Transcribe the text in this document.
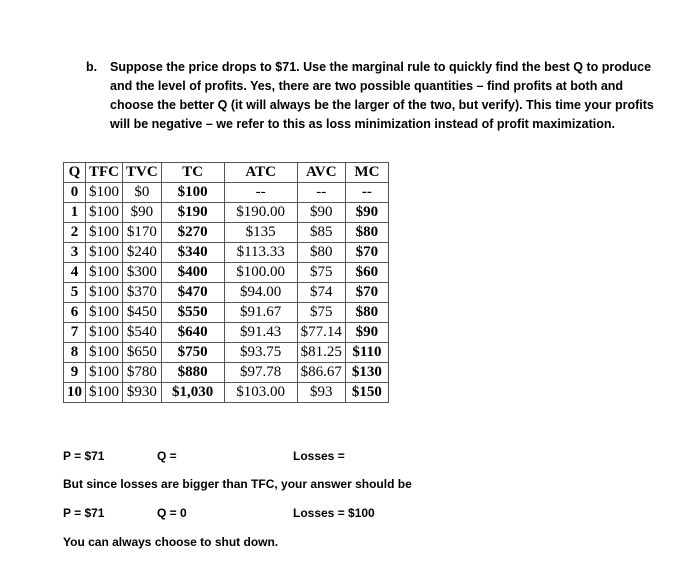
b. Suppose the price drops to $71. Use the marginal rule to quickly find the best Q to produce and the level of profits. Yes, there are two possible quantities – find profits at both and choose the better Q (it will always be the larger of the two, but verify). This time your profits will be negative – we refer to this as loss minimization instead of profit maximization.
Q	TFC	TVC	TC	ATC	AVC	MC
0	$100	$0	$100	--	--	--
1	$100	$90	$190	$190.00	$90	$90
2	$100	$170	$270	$135	$85	$80
3	$100	$240	$340	$113.33	$80	$70
4	$100	$300	$400	$100.00	$75	$60
5	$100	$370	$470	$94.00	$74	$70
6	$100	$450	$550	$91.67	$75	$80
7	$100	$540	$640	$91.43	$77.14	$90
8	$100	$650	$750	$93.75	$81.25	$110
9	$100	$780	$880	$97.78	$86.67	$130
10	$100	$930	$1,030	$103.00	$93	$150
P = $71	Q =	Losses =
But since losses are bigger than TFC, your answer should be
P = $71	Q = 0	Losses = $100
You can always choose to shut down.
